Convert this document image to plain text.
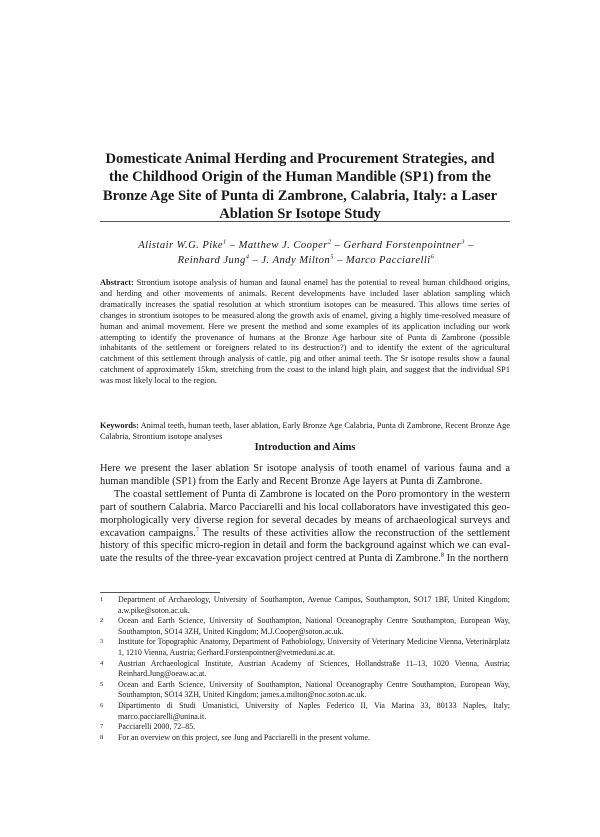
Domesticate Animal Herding and Procurement Strategies, and the Childhood Origin of the Human Mandible (SP1) from the Bronze Age Site of Punta di Zambrone, Calabria, Italy: a Laser Ablation Sr Isotope Study
Alistair W.G. Pike$^1$ – Matthew J. Cooper$^2$ – Gerhard Forstenpointner$^3$ –
Reinhard Jung$^4$ – J. Andy Milton$^5$ – Marco Pacciarelli$^6$

Abstract: Strontium isotope analysis of human and faunal enamel has the potential to reveal human childhood origins, and herding and other movements of animals. Recent developments have included laser ablation sampling which dramatically increases the spatial resolution at which strontium isotopes can be measured. This allows time series of changes in strontium isotopes to be measured along the growth axis of enamel, giving a highly time-resolved measure of human and animal movement. Here we present the method and some examples of its application including our work attempting to identify the provenance of humans at the Bronze Age harbour site of Punta di Zambrone (possible inhabitants of the settlement or foreigners related to its destruction?) and to identify the extent of the agricultural catchment of this settlement through analysis of cattle, pig and other animal teeth. The Sr isotope results show a faunal catchment of approximately 15km, stretching from the coast to the inland high plain, and suggest that the individual SP1 was most likely local to the region.

Keywords: Animal teeth, human teeth, laser ablation, Early Bronze Age Calabria, Punta di Zambrone, Recent Bronze Age Calabria, Strontium isotope analyses

Introduction and Aims

Here we present the laser ablation Sr isotope analysis of tooth enamel of various fauna and a human mandible (SP1) from the Early and Recent Bronze Age layers at Punta di Zambrone.

The coastal settlement of Punta di Zambrone is located on the Poro promontory in the western part of southern Calabria. Marco Pacciarelli and his local collaborators have investigated this geomorphologically very diverse region for several decades by means of archaeological surveys and excavation campaigns.$^7$ The results of these activities allow the reconstruction of the settlement history of this specific micro-region in detail and form the background against which we can evaluate the results of the three-year excavation project centred at Punta di Zambrone.$^8$ In the northern

1 Department of Archaeology, University of Southampton, Avenue Campus, Southampton, SO17 1BF, United Kingdom; a.w.pike@soton.ac.uk.
2 Ocean and Earth Science, University of Southampton, National Oceanography Centre Southampton, European Way, Southampton, SO14 3ZH, United Kingdom; M.J.Cooper@soton.ac.uk.
3 Institute for Topographic Anatomy, Department of Pathobiology, University of Veterinary Medicine Vienna, Veterinärplatz 1, 1210 Vienna, Austria; Gerhard.Forstenpointner@vetmeduni.ac.at.
4 Austrian Archaeological Institute, Austrian Academy of Sciences, Hollandstraße 11–13, 1020 Vienna, Austria; Reinhard.Jung@oeaw.ac.at.
5 Ocean and Earth Science, University of Southampton, National Oceanography Centre Southampton, European Way, Southampton, SO14 3ZH, United Kingdom; james.a.milton@noc.soton.ac.uk.
6 Dipartimento di Studi Umanistici, University of Naples Federico II, Via Marina 33, 80133 Naples, Italy; marco.pacciarelli@unina.it.
7 Pacciarelli 2000, 72–85.
8 For an overview on this project, see Jung and Pacciarelli in the present volume.
